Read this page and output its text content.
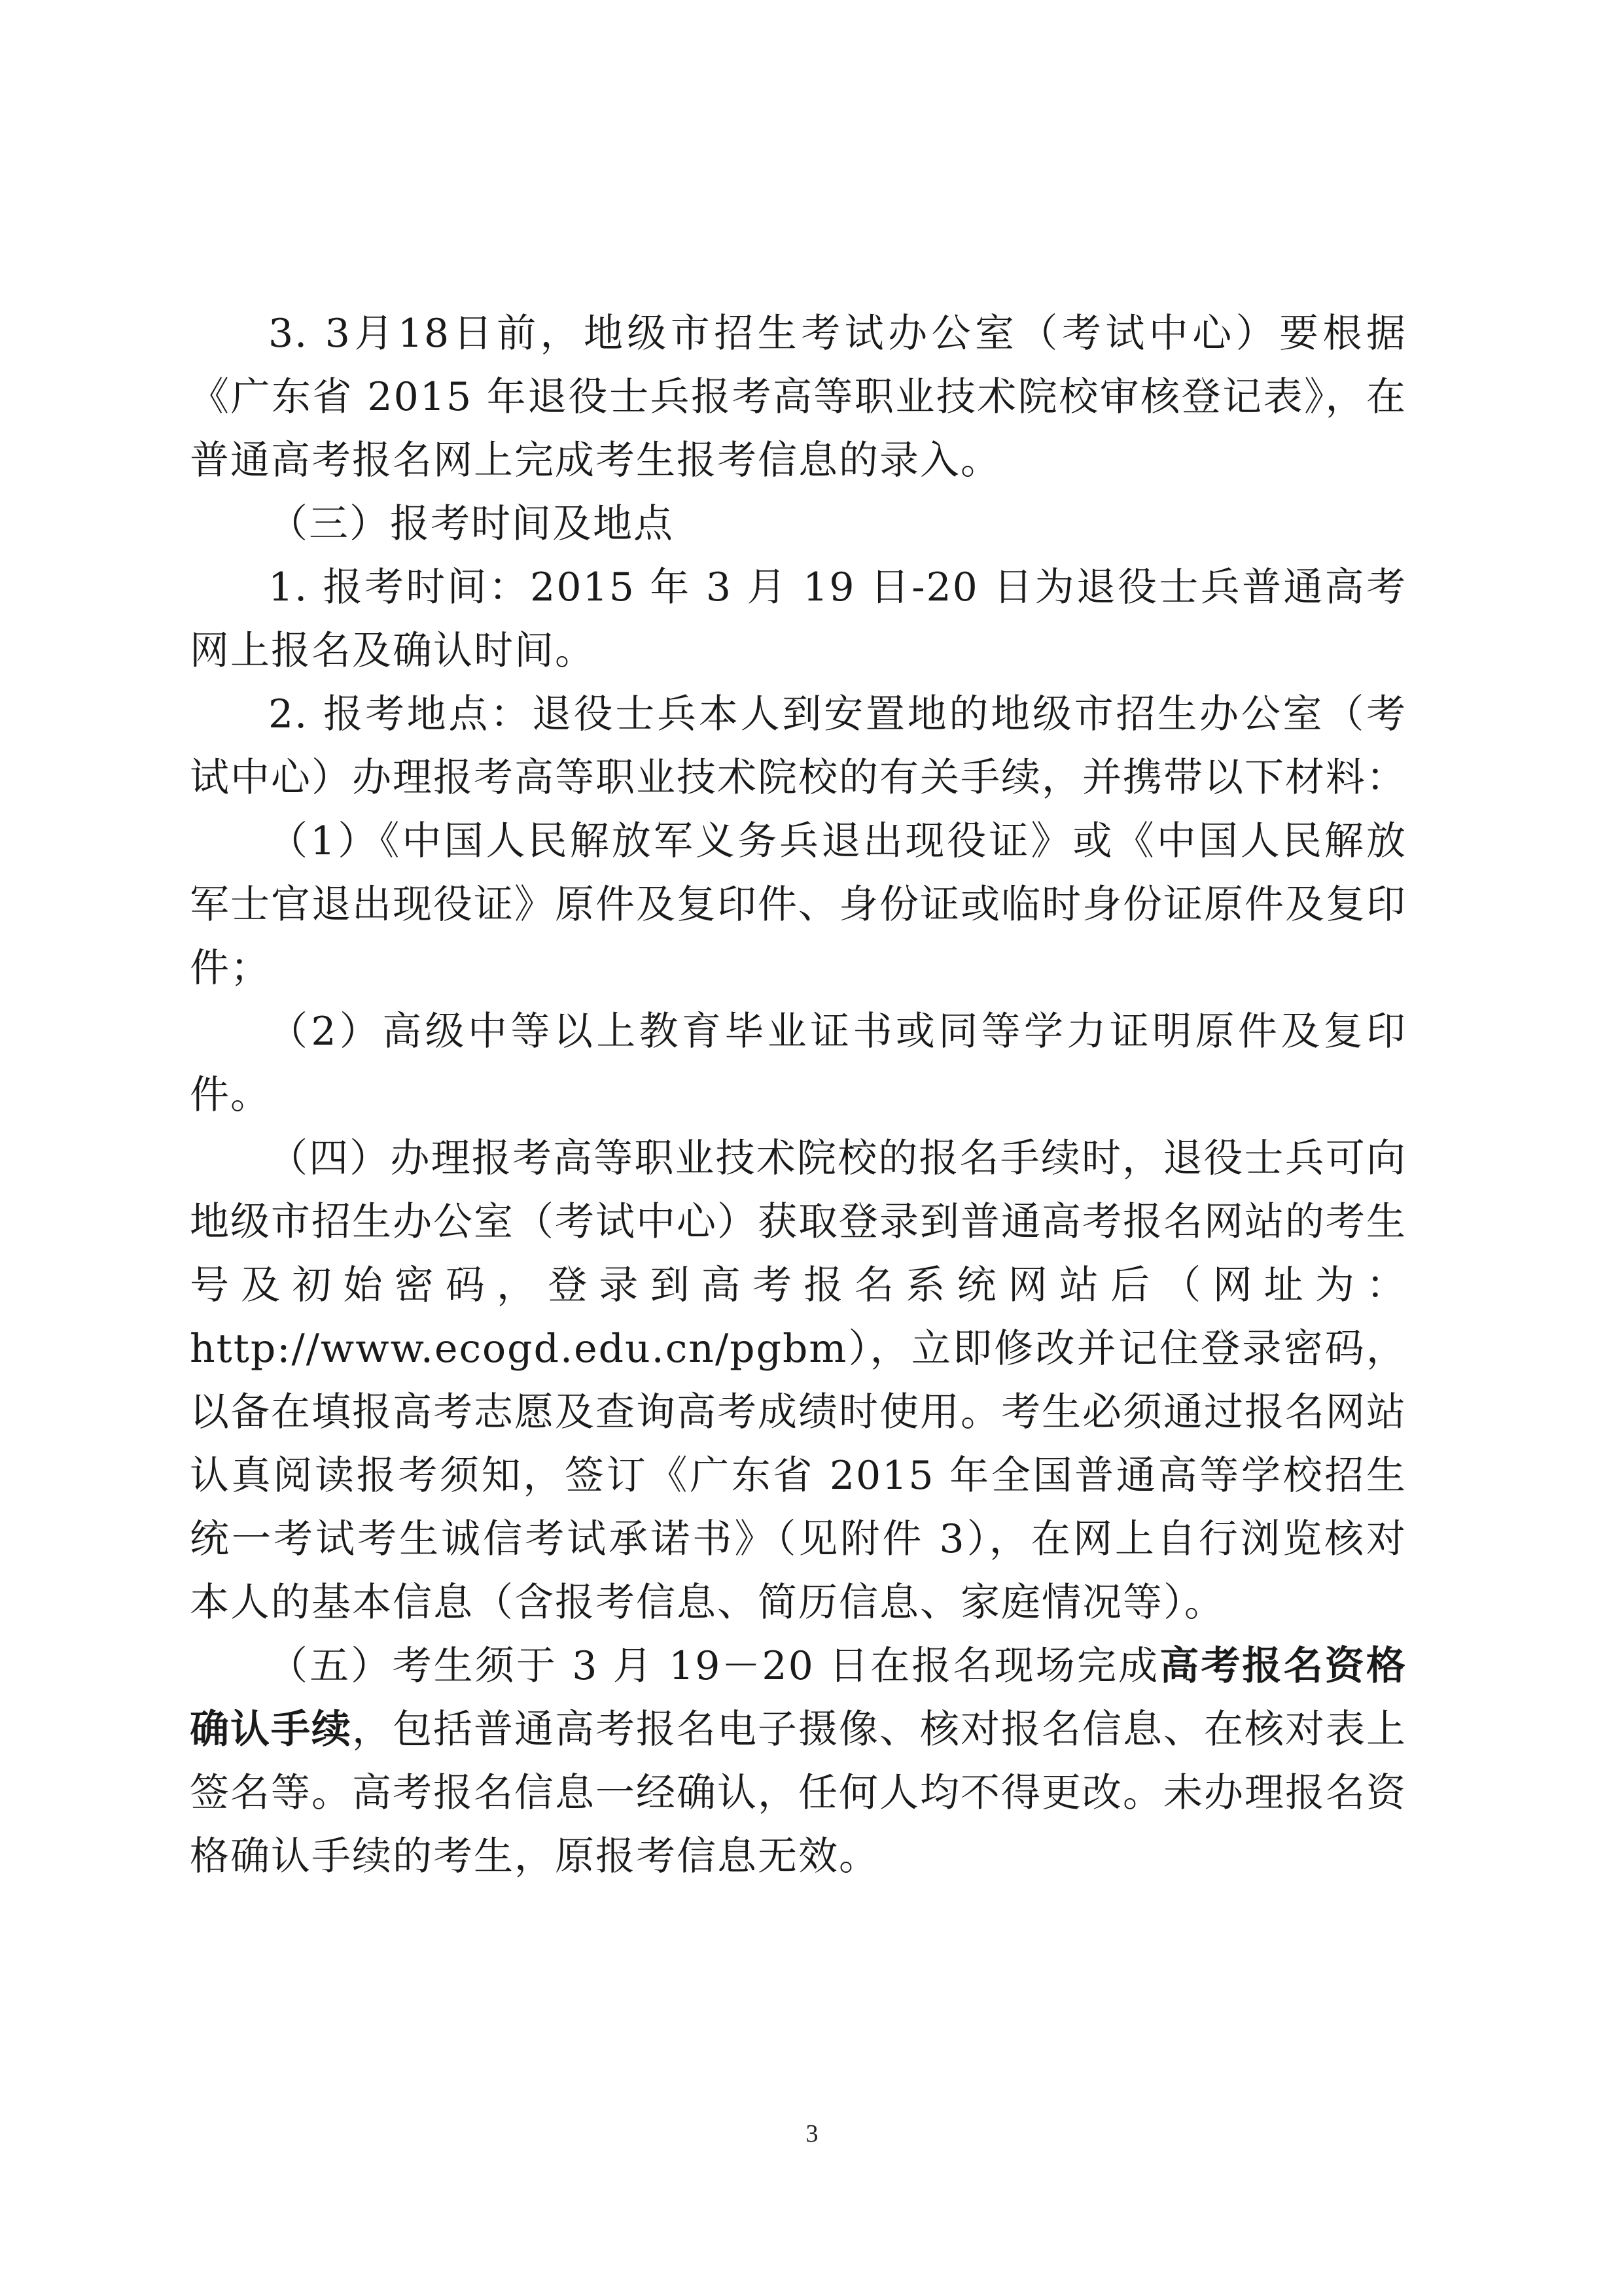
3. 3月18日前，地级市招生考试办公室（考试中心）要根据《广东省 2015 年退役士兵报考高等职业技术院校审核登记表》，在普通高考报名网上完成考生报考信息的录入。

（三）报考时间及地点

1. 报考时间：2015 年 3 月 19 日-20 日为退役士兵普通高考网上报名及确认时间。

2. 报考地点：退役士兵本人到安置地的地级市招生办公室（考试中心）办理报考高等职业技术院校的有关手续，并携带以下材料：

（1）《中国人民解放军义务兵退出现役证》或《中国人民解放军士官退出现役证》原件及复印件、身份证或临时身份证原件及复印件；

（2）高级中等以上教育毕业证书或同等学力证明原件及复印件。

（四）办理报考高等职业技术院校的报名手续时，退役士兵可向地级市招生办公室（考试中心）获取登录到普通高考报名网站的考生号及初始密码，登录到高考报名系统网站后（网址为：http://www.ecogd.edu.cn/pgbm），立即修改并记住登录密码，以备在填报高考志愿及查询高考成绩时使用。考生必须通过报名网站认真阅读报考须知，签订《广东省 2015 年全国普通高等学校招生统一考试考生诚信考试承诺书》（见附件 3），在网上自行浏览核对本人的基本信息（含报考信息、简历信息、家庭情况等）。

（五）考生须于 3 月 19－20 日在报名现场完成高考报名资格确认手续，包括普通高考报名电子摄像、核对报名信息、在核对表上签名等。高考报名信息一经确认，任何人均不得更改。未办理报名资格确认手续的考生，原报考信息无效。

3
